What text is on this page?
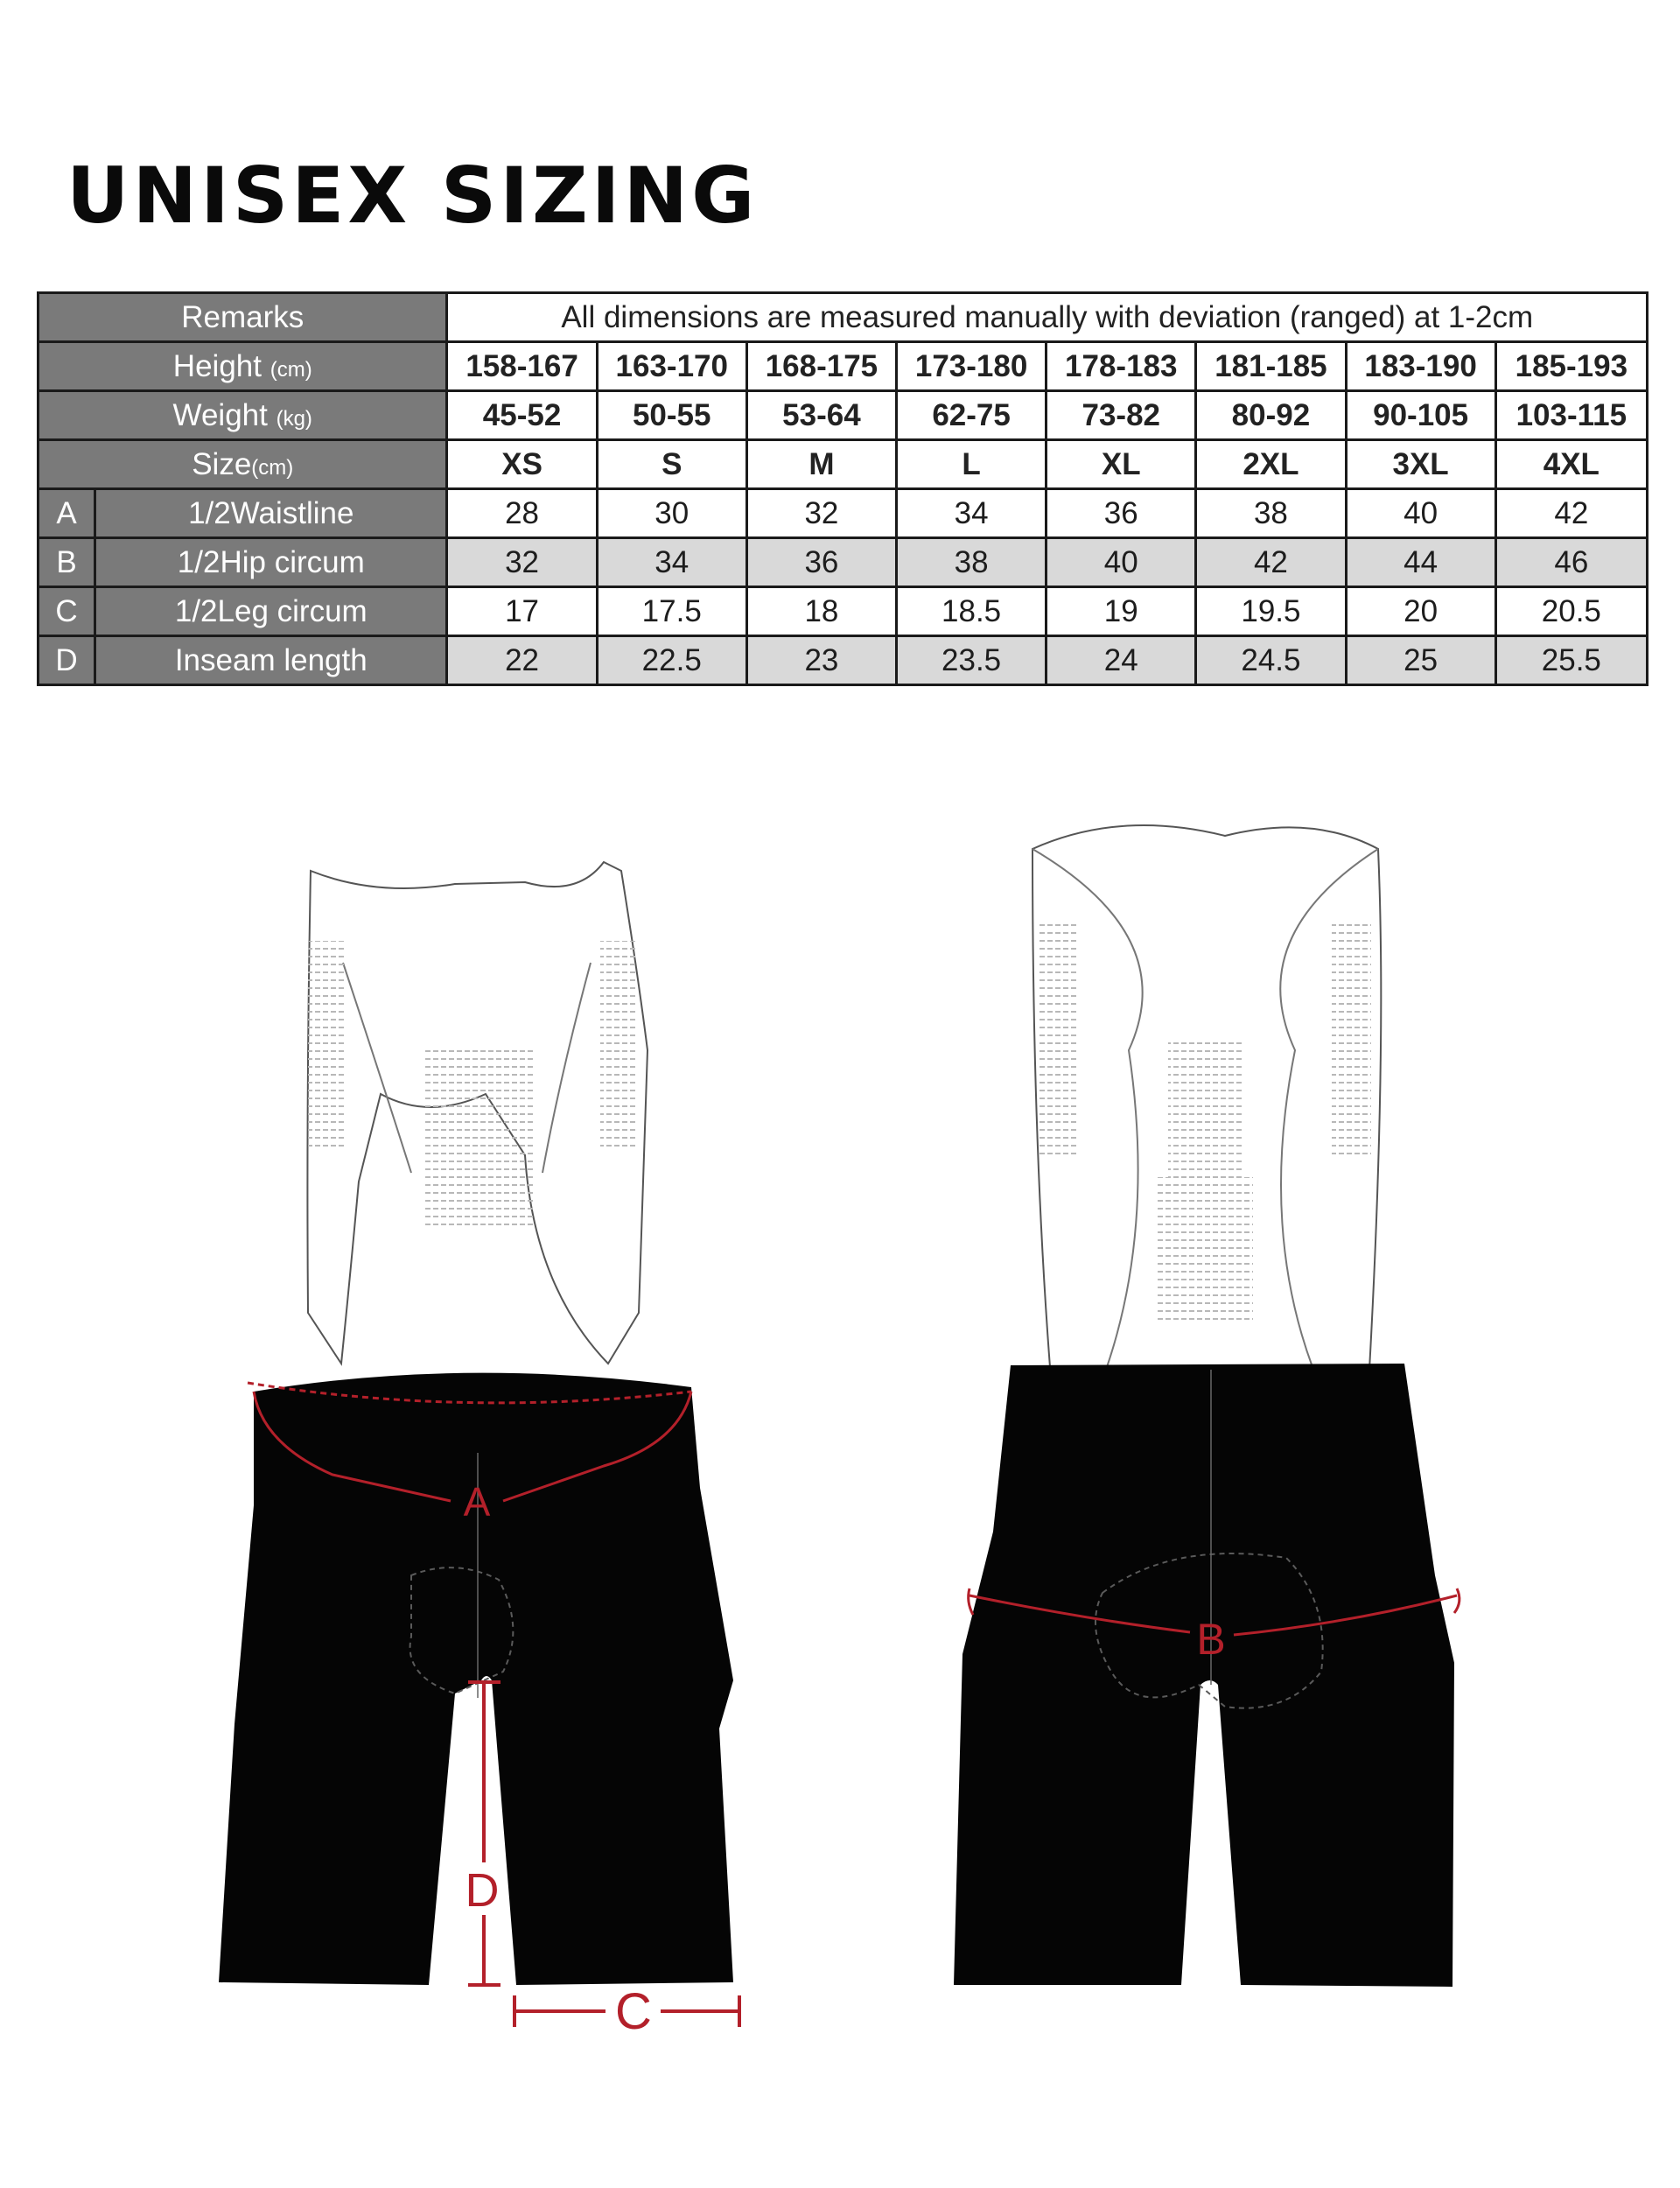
UNISEX SIZING
Remarks		All dimensions are measured manually with deviation (ranged) at 1-2cm							
Height (cm)		158-167	163-170	168-175	173-180	178-183	181-185	183-190	185-193
Weight (kg)		45-52	50-55	53-64	62-75	73-82	80-92	90-105	103-115
Size(cm)		XS	S	M	L	XL	2XL	3XL	4XL
A	1/2Waistline	28	30	32	34	36	38	40	42
B	1/2Hip circum	32	34	36	38	40	42	44	46
C	1/2Leg circum	17	17.5	18	18.5	19	19.5	20	20.5
D	Inseam length	22	22.5	23	23.5	24	24.5	25	25.5
A
D
C
B
